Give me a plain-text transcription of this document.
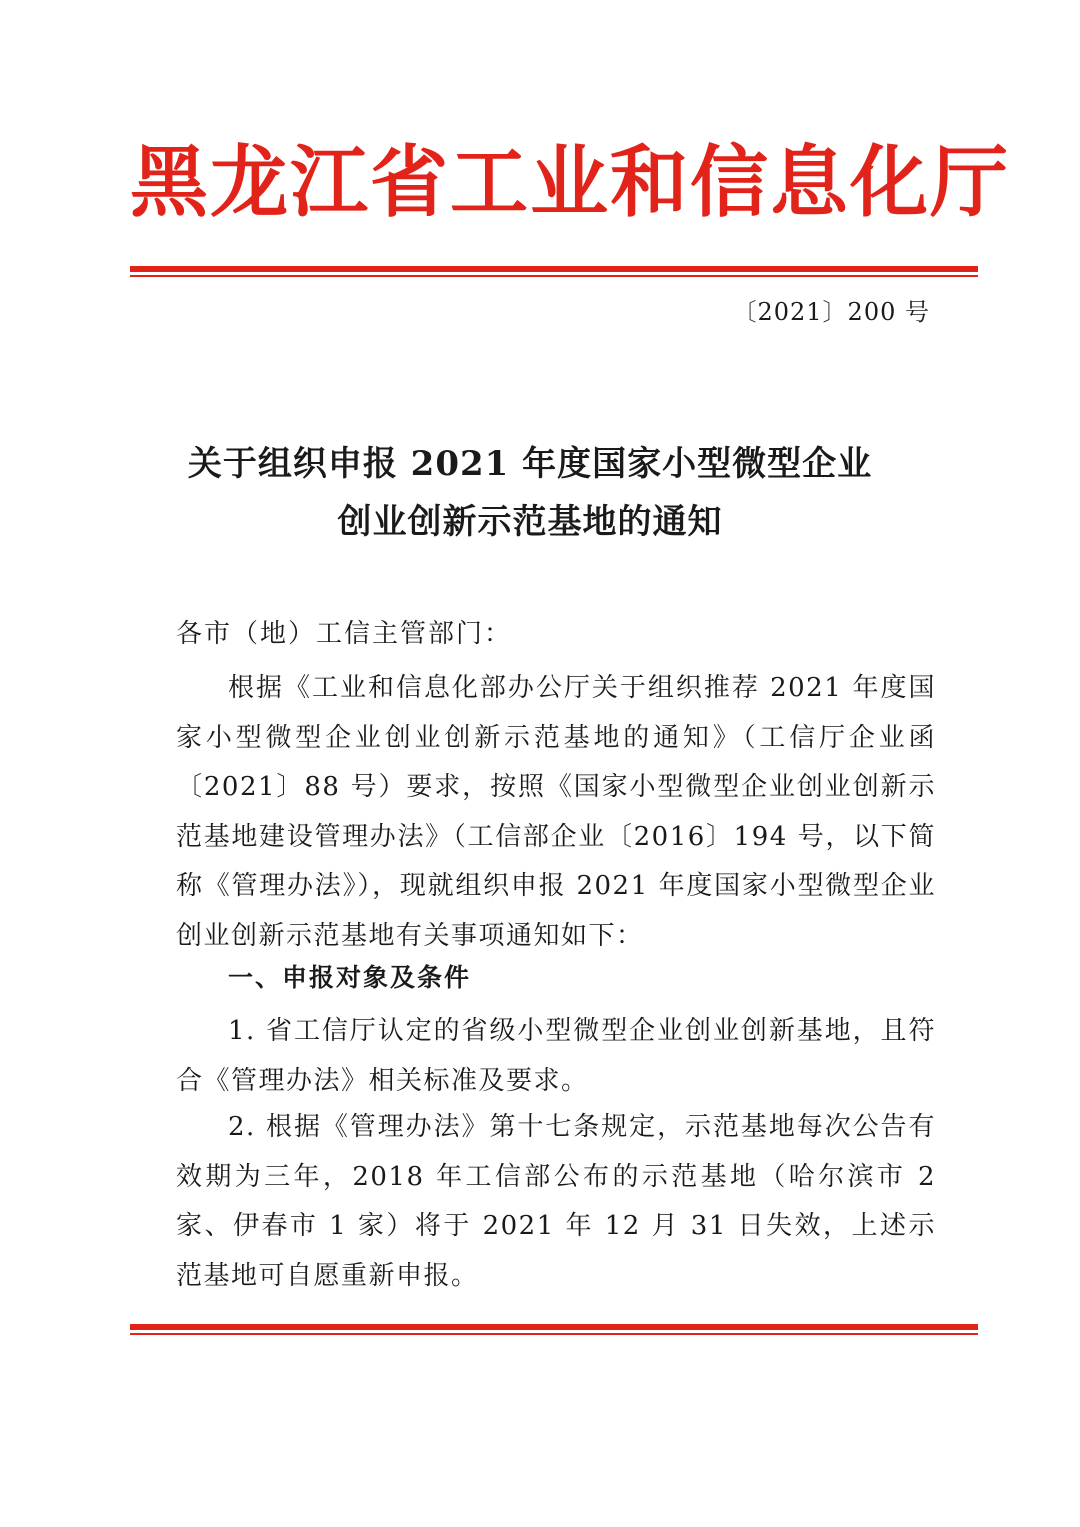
黑龙江省工业和信息化厅
〔2021〕200 号
关于组织申报 2021 年度国家小型微型企业
创业创新示范基地的通知
各市（地）工信主管部门：

根据《工业和信息化部办公厅关于组织推荐 2021 年度国家小型微型企业创业创新示范基地的通知》（工信厅企业函〔2021〕88 号）要求，按照《国家小型微型企业创业创新示范基地建设管理办法》（工信部企业〔2016〕194 号，以下简称《管理办法》），现就组织申报 2021 年度国家小型微型企业创业创新示范基地有关事项通知如下：

一、申报对象及条件

1. 省工信厅认定的省级小型微型企业创业创新基地，且符合《管理办法》相关标准及要求。

2. 根据《管理办法》第十七条规定，示范基地每次公告有效期为三年，2018 年工信部公布的示范基地（哈尔滨市 2 家、伊春市 1 家）将于 2021 年 12 月 31 日失效，上述示范基地可自愿重新申报。
